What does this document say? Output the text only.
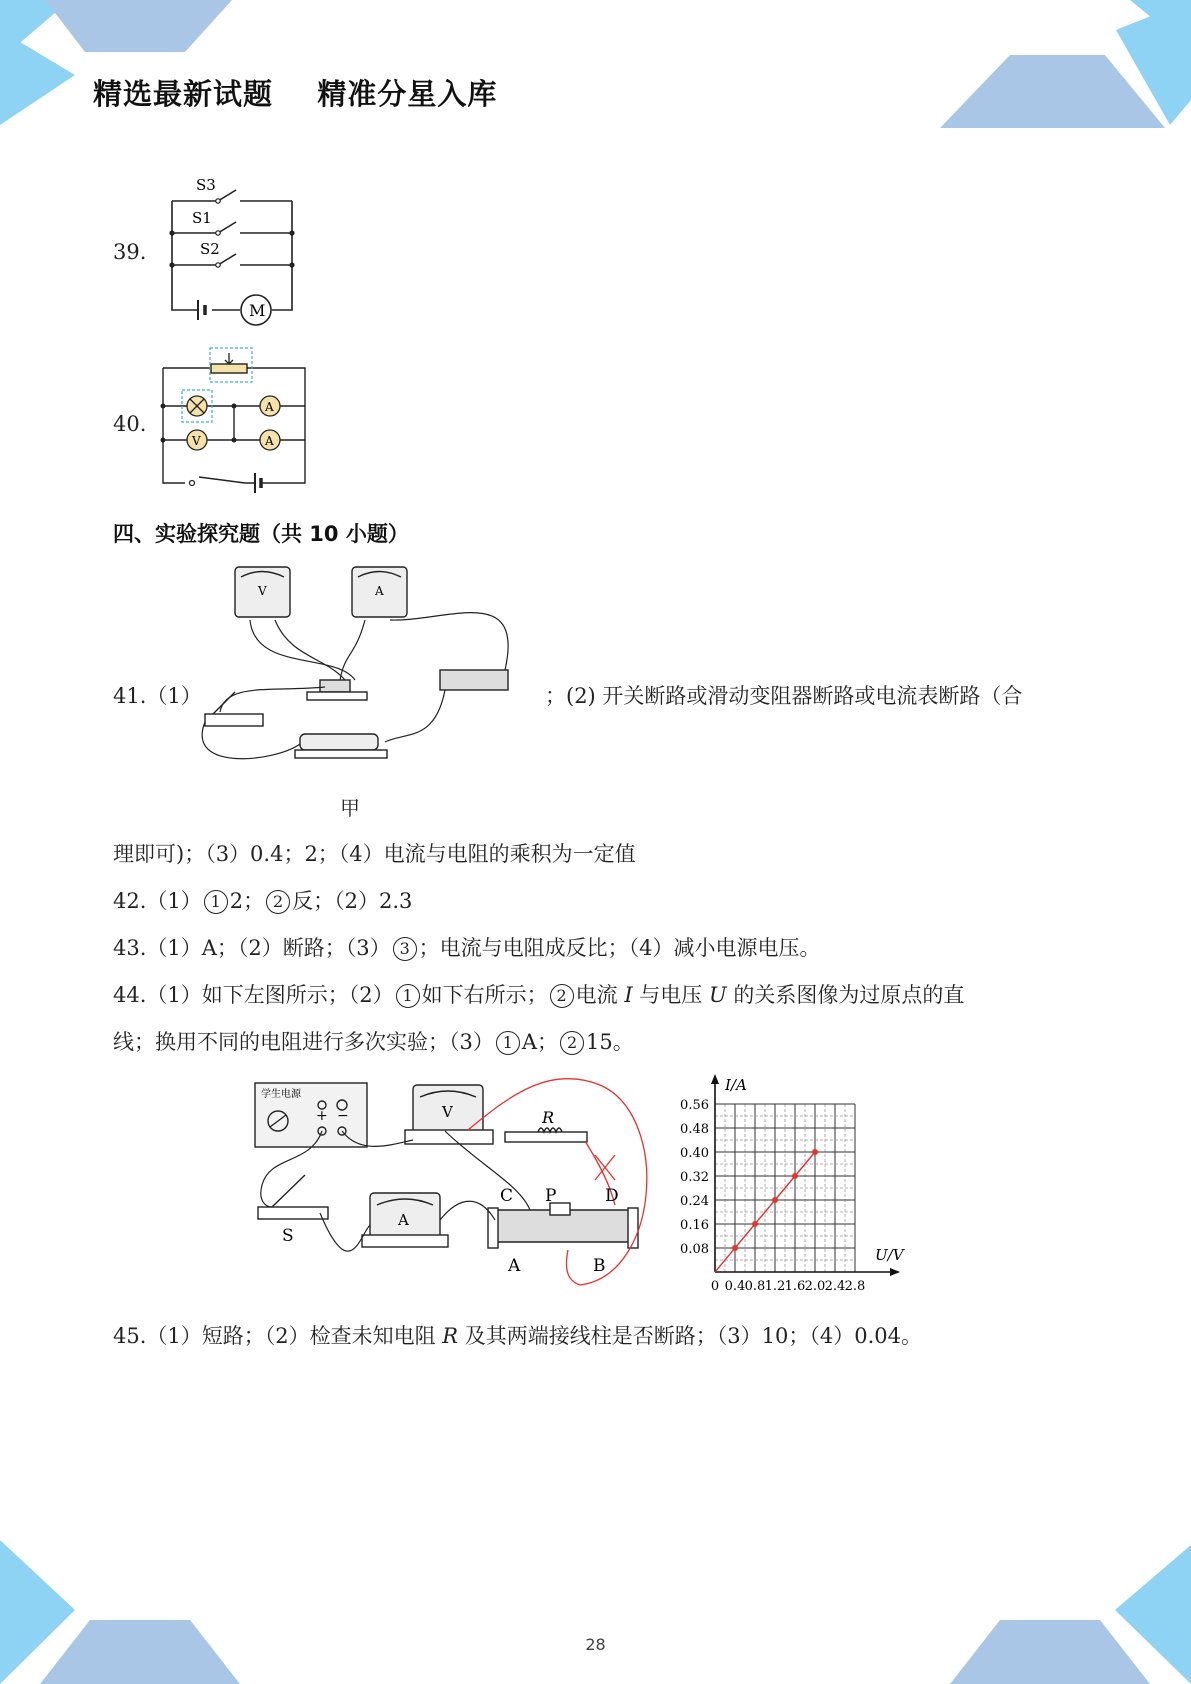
精选最新试题    精准分星入库
39.
S3
S1
S2
M
40.
A
V	A
四、实验探究题（共 10 小题）
41.（1）
V	A
；(2) 开关断路或滑动变阻器断路或电流表断路（合
甲
理即可)；（3）0.4；2；（4）电流与电阻的乘积为一定值
42.（1） 1 2； 2 反；（2）2.3
43.（1）A；（2）断路；（3） 3 ；电流与电阻成反比；（4）减小电源电压。
44.（1）如下左图所示；（2） 1 如下右所示； 2 电流 I 与电压 U 的关系图像为过原点的直
线；换用不同的电阻进行多次实验；（3） 1 A； 2 15。
学生电源
+ −	V	R
A
S
C P	D
A	B
0.56
0.48
0.40
0.32
0.24
0.16
0.08
0 0.4 0.8 1.2 1.6 2.0 2.4 2.8
U/V
I/A
45.（1）短路；（2）检查未知电阻 R 及其两端接线柱是否断路；（3）10；（4）0.04。
28
